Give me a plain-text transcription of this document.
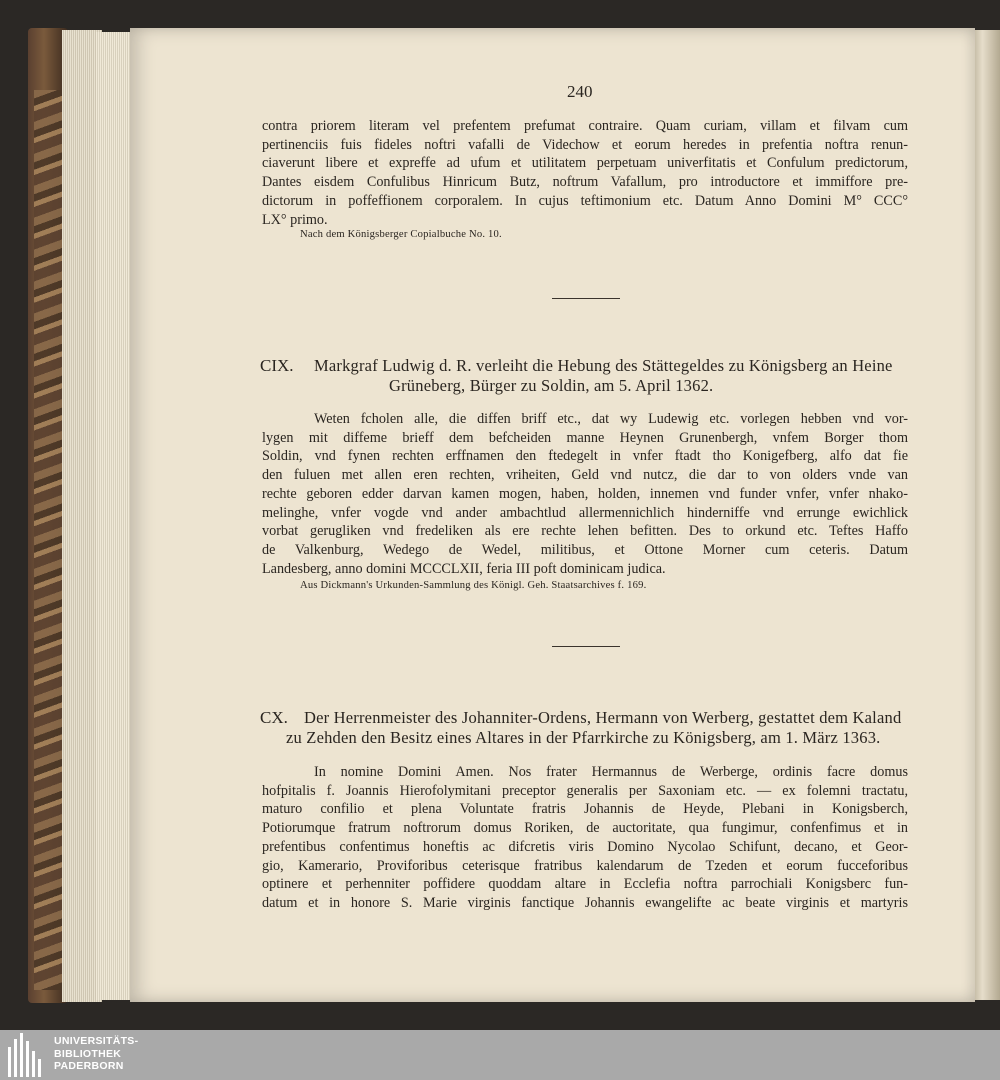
240
contra priorem literam vel prefentem prefumat contraire. Quam curiam, villam et filvam cum
pertinenciis fuis fideles noftri vafalli de Videchow et eorum heredes in prefentia noftra renun-
ciaverunt libere et expreffe ad ufum et utilitatem perpetuam univerfitatis et Confulum predictorum,
Dantes eisdem Confulibus Hinricum Butz, noftrum Vafallum, pro introductore et immiffore pre-
dictorum in poffeffionem corporalem. In cujus teftimonium etc. Datum Anno Domini M° CCC°
LX° primo.
Nach dem Königsberger Copialbuche No. 10.
CIX. Markgraf Ludwig d. R. verleiht die Hebung des Stättegeldes zu Königsberg an Heine
Grüneberg, Bürger zu Soldin, am 5. April 1362.
Weten fcholen alle, die diffen briff etc., dat wy Ludewig etc. vorlegen hebben vnd vor-
lygen mit diffeme brieff dem befcheiden manne Heynen Grunenbergh, vnfem Borger thom
Soldin, vnd fynen rechten erffnamen den ftedegelt in vnfer ftadt tho Konigefberg, alfo dat fie
den fuluen met allen eren rechten, vriheiten, Geld vnd nutcz, die dar to von olders vnde van
rechte geboren edder darvan kamen mogen, haben, holden, innemen vnd funder vnfer, vnfer nhako-
melinghe, vnfer vogde vnd ander ambachtlud allermennichlich hinderniffe vnd errunge ewichlick
vorbat gerugliken vnd fredeliken als ere rechte lehen befitten. Des to orkund etc. Teftes Haffo
de Valkenburg, Wedego de Wedel, militibus, et Ottone Morner cum ceteris. Datum
Landesberg, anno domini MCCCLXII, feria III poft dominicam judica.
Aus Dickmann's Urkunden-Sammlung des Königl. Geh. Staatsarchives f. 169.
CX. Der Herrenmeister des Johanniter-Ordens, Hermann von Werberg, gestattet dem Kaland
zu Zehden den Besitz eines Altares in der Pfarrkirche zu Königsberg, am 1. März 1363.
In nomine Domini Amen. Nos frater Hermannus de Werberge, ordinis facre domus
hofpitalis f. Joannis Hierofolymitani preceptor generalis per Saxoniam etc. — ex folemni tractatu,
maturo confilio et plena Voluntate fratris Johannis de Heyde, Plebani in Konigsberch,
Potiorumque fratrum noftrorum domus Roriken, de auctoritate, qua fungimur, confenfimus et in
prefentibus confentimus honeftis ac difcretis viris Domino Nycolao Schifunt, decano, et Geor-
gio, Kamerario, Proviforibus ceterisque fratribus kalendarum de Tzeden et eorum fucceforibus
optinere et perhenniter poffidere quoddam altare in Ecclefia noftra parrochiali Konigsberc fun-
datum et in honore S. Marie virginis fanctique Johannis ewangelifte ac beate virginis et martyris
UNIVERSITÄTS-
BIBLIOTHEK
PADERBORN
